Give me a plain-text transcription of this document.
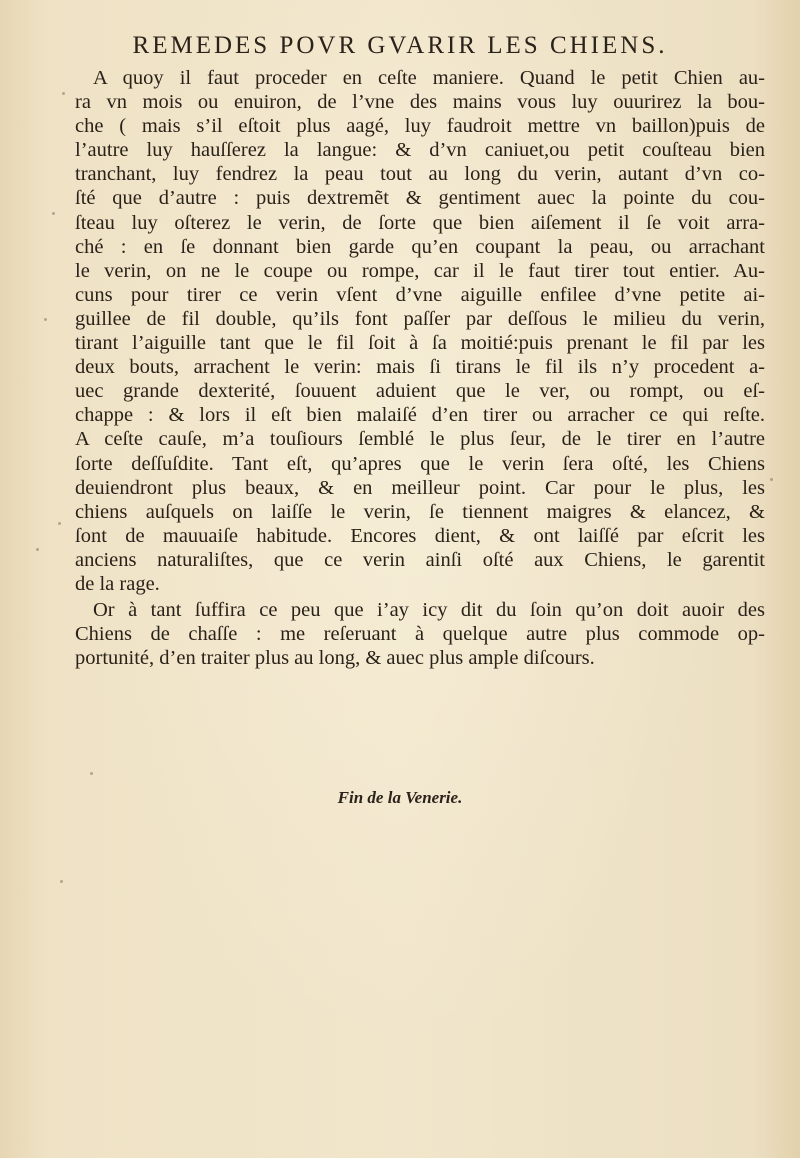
REMEDES POVR GVARIR LES CHIENS.
A quoy il faut proceder en ceſte maniere. Quand le petit Chien au-
ra vn mois ou enuiron, de l’vne des mains vous luy ouurirez la bou-
che ( mais s’il eſtoit plus aagé, luy faudroit mettre vn baillon)puis de
l’autre luy hauſſerez la langue: & d’vn caniuet,ou petit couſteau bien
tranchant, luy fendrez la peau tout au long du verin, autant d’vn co-
ſté que d’autre : puis dextremẽt & gentiment auec la pointe du cou-
ſteau luy oſterez le verin, de ſorte que bien aiſement il ſe voit arra-
ché : en ſe donnant bien garde qu’en coupant la peau, ou arrachant
le verin, on ne le coupe ou rompe, car il le faut tirer tout entier. Au-
cuns pour tirer ce verin vſent d’vne aiguille enfilee d’vne petite ai-
guillee de fil double, qu’ils font paſſer par deſſous le milieu du verin,
tirant l’aiguille tant que le fil ſoit à ſa moitié:puis prenant le fil par les
deux bouts, arrachent le verin: mais ſi tirans le fil ils n’y procedent a-
uec grande dexterité, ſouuent aduient que le ver, ou rompt, ou eſ-
chappe : & lors il eſt bien malaiſé d’en tirer ou arracher ce qui reſte.
A ceſte cauſe, m’a touſiours ſemblé le plus ſeur, de le tirer en l’autre
ſorte deſſuſdite. Tant eſt, qu’apres que le verin ſera oſté, les Chiens
deuiendront plus beaux, & en meilleur point. Car pour le plus, les
chiens auſquels on laiſſe le verin, ſe tiennent maigres & elancez, &
ſont de mauuaiſe habitude. Encores dient, & ont laiſſé par eſcrit les
anciens naturaliſtes, que ce verin ainſi oſté aux Chiens, le garentit
de la rage.
Or à tant ſuffira ce peu que i’ay icy dit du ſoin qu’on doit auoir des
Chiens de chaſſe : me reſeruant à quelque autre plus commode op-
portunité, d’en traiter plus au long, & auec plus ample diſcours.
Fin de la Venerie.
